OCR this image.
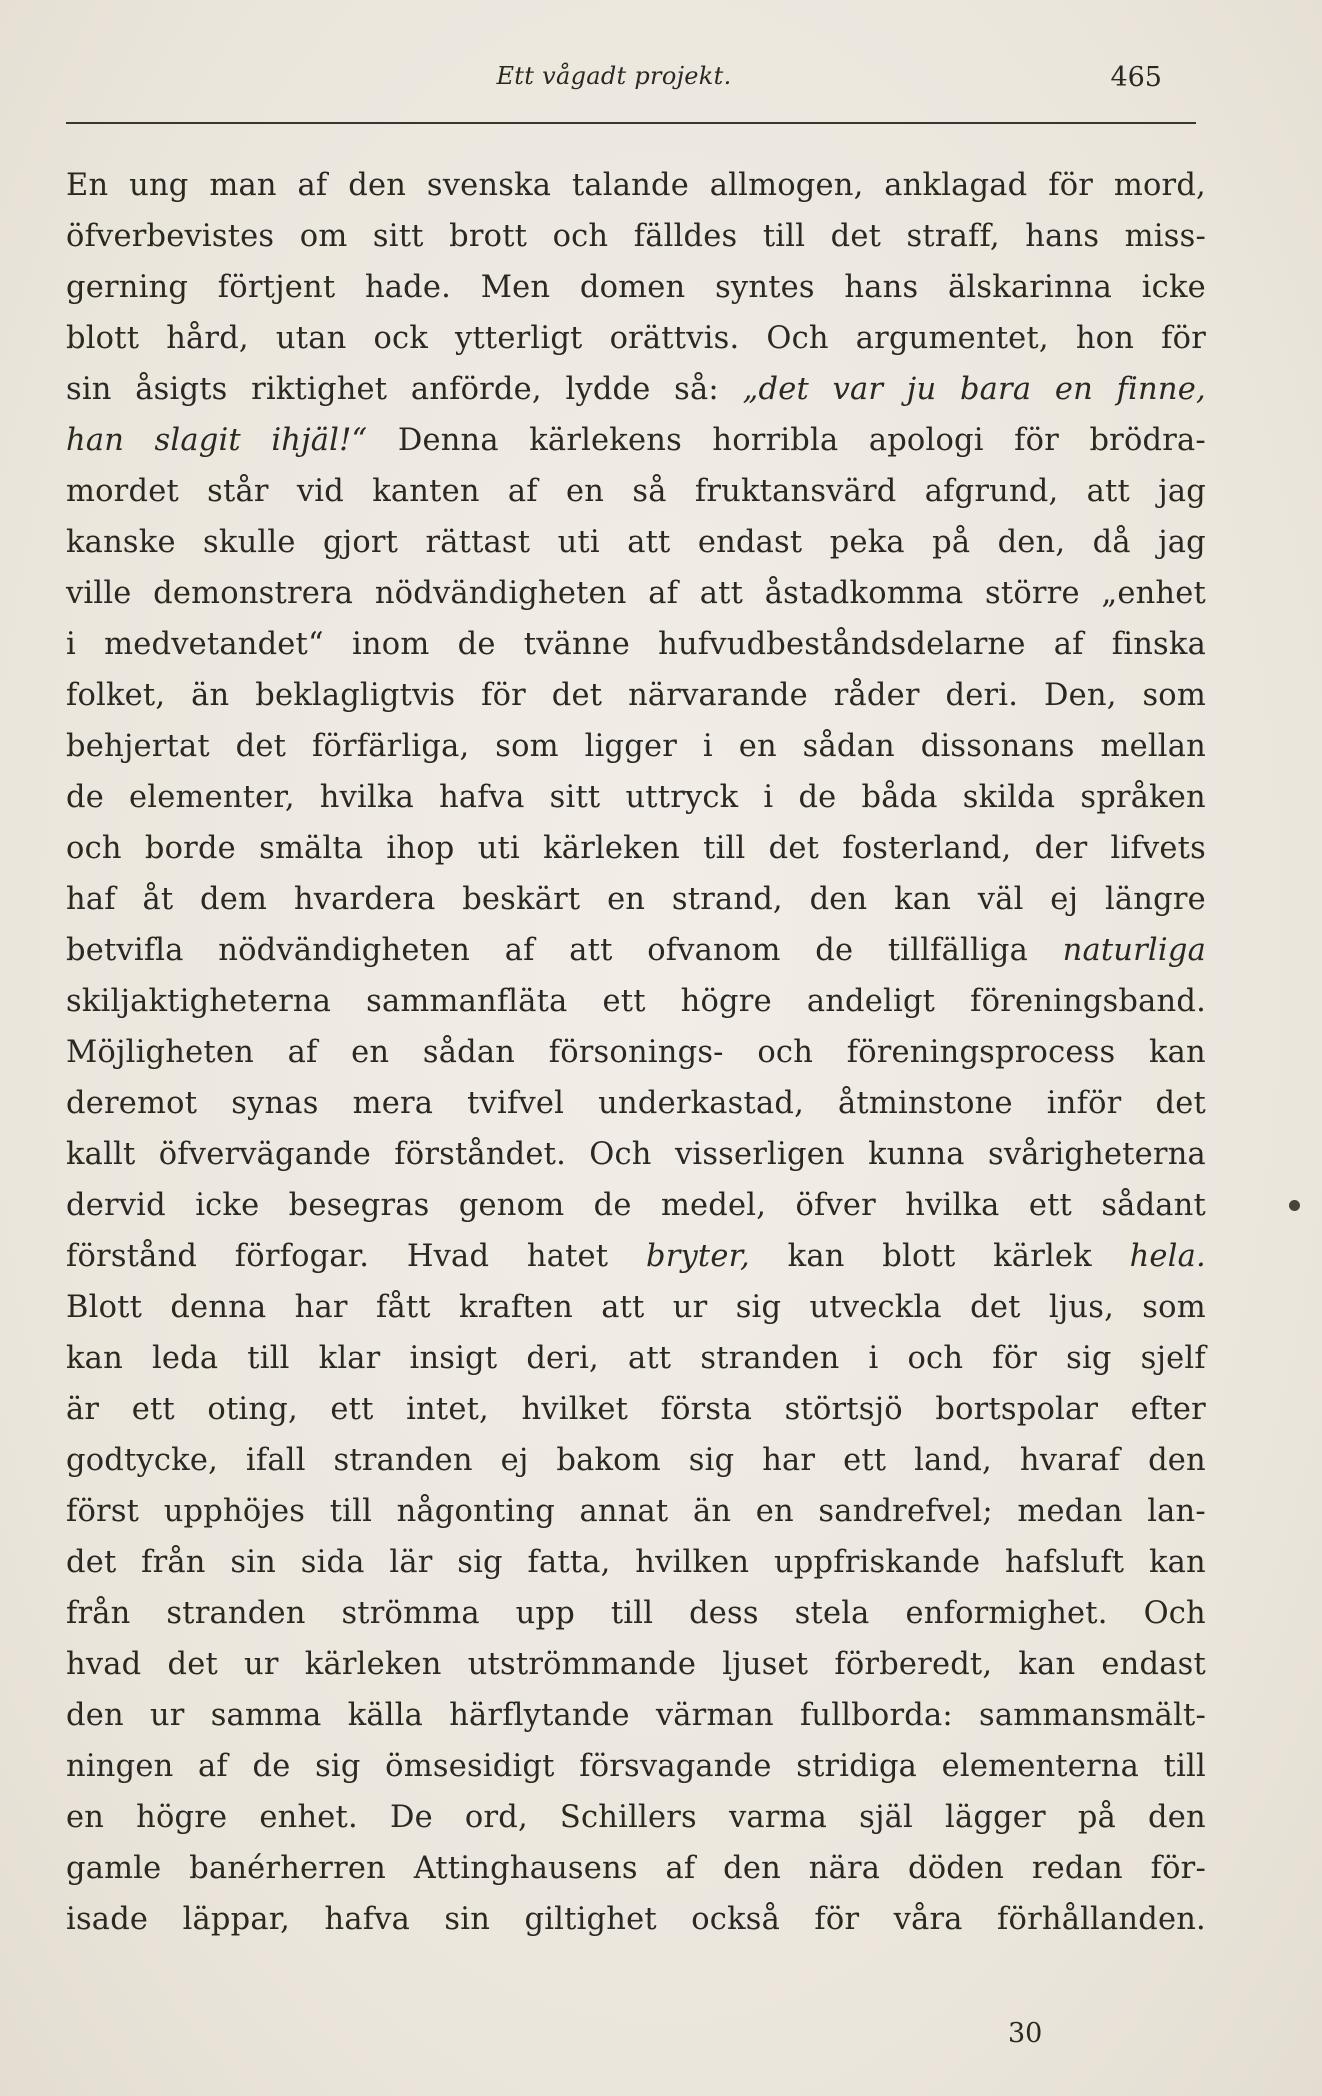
Ett vågadt projekt.	465
En ung man af den svenska talande allmogen, anklagad för mord,
öfverbevistes om sitt brott och fälldes till det straff, hans miss-
gerning förtjent hade. Men domen syntes hans älskarinna icke
blott hård, utan ock ytterligt orättvis. Och argumentet, hon för
sin åsigts riktighet anförde, lydde så: „det var ju bara en finne,
han slagit ihjäl!“ Denna kärlekens horribla apologi för brödra-
mordet står vid kanten af en så fruktansvärd afgrund, att jag
kanske skulle gjort rättast uti att endast peka på den, då jag
ville demonstrera nödvändigheten af att åstadkomma större „enhet
i medvetandet“ inom de tvänne hufvudbeståndsdelarne af finska
folket, än beklagligtvis för det närvarande råder deri. Den, som
behjertat det förfärliga, som ligger i en sådan dissonans mellan
de elementer, hvilka hafva sitt uttryck i de båda skilda språken
och borde smälta ihop uti kärleken till det fosterland, der lifvets
haf åt dem hvardera beskärt en strand, den kan väl ej längre
betvifla nödvändigheten af att ofvanom de tillfälliga naturliga
skiljaktigheterna sammanfläta ett högre andeligt föreningsband.
Möjligheten af en sådan försonings- och föreningsprocess kan
deremot synas mera tvifvel underkastad, åtminstone inför det
kallt öfvervägande förståndet. Och visserligen kunna svårigheterna
dervid icke besegras genom de medel, öfver hvilka ett sådant
förstånd förfogar. Hvad hatet bryter, kan blott kärlek hela.
Blott denna har fått kraften att ur sig utveckla det ljus, som
kan leda till klar insigt deri, att stranden i och för sig sjelf
är ett oting, ett intet, hvilket första störtsjö bortspolar efter
godtycke, ifall stranden ej bakom sig har ett land, hvaraf den
först upphöjes till någonting annat än en sandrefvel; medan lan-
det från sin sida lär sig fatta, hvilken uppfriskande hafsluft kan
från stranden strömma upp till dess stela enformighet. Och
hvad det ur kärleken utströmmande ljuset förberedt, kan endast
den ur samma källa härflytande värman fullborda: sammansmält-
ningen af de sig ömsesidigt försvagande stridiga elementerna till
en högre enhet. De ord, Schillers varma själ lägger på den
gamle banérherren Attinghausens af den nära döden redan för-
isade läppar, hafva sin giltighet också för våra förhållanden.
30
